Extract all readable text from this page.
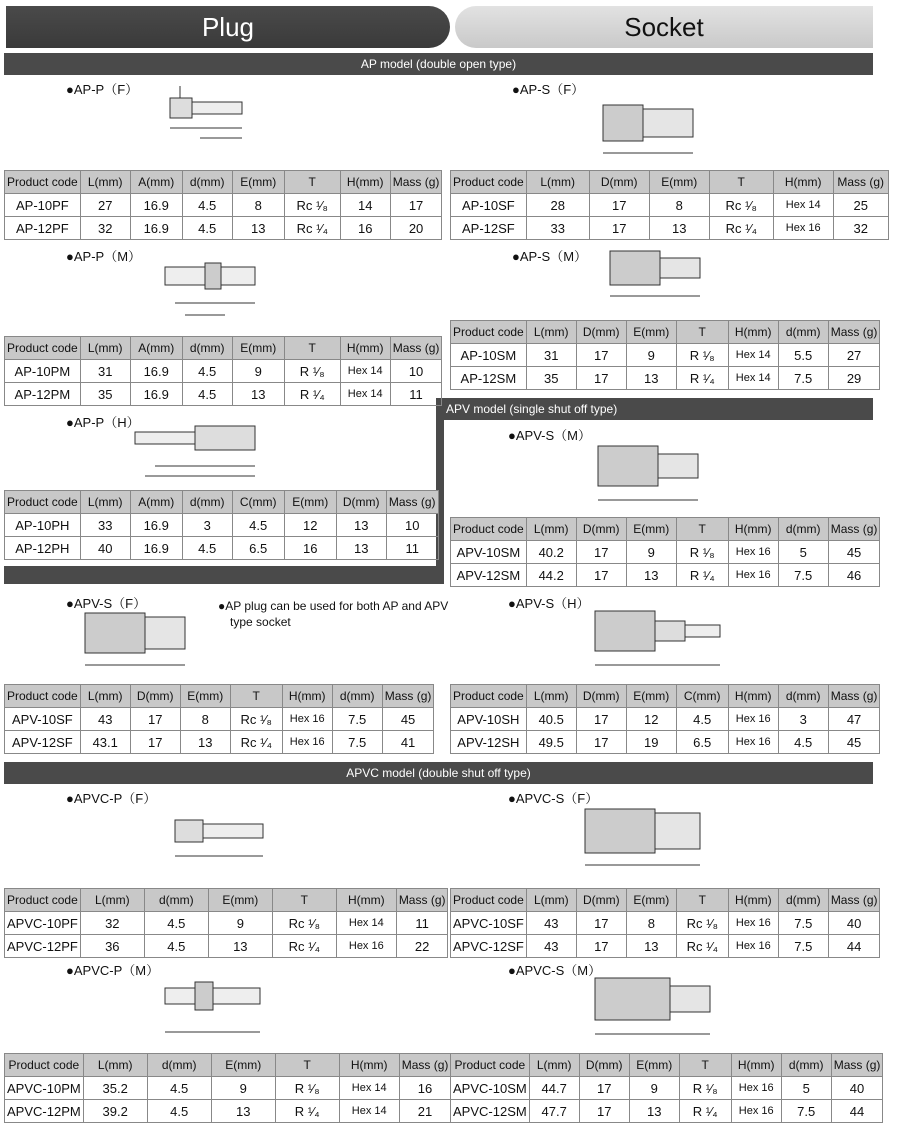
Plug	Socket
AP model (double open type)
APV model (single shut off type)
APVC model (double shut off type)
●AP-P（F）	●AP-S（F）
●AP-P（M）	●AP-S（M）
●AP-P（H）
●APV-S（M）
●APV-S（F）	●APV-S（H）
●APVC-P（F）	●APVC-S（F）
●APVC-P（M）	●APVC-S（M）
●AP plug can be used for both AP and APV
type socket
Product code	L(mm)	A(mm)	d(mm)	E(mm)	T	H(mm)	Mass (g)
AP-10PF	27	16.9	4.5	8	Rc ¹⁄₈	14	17
AP-12PF	32	16.9	4.5	13	Rc ¹⁄₄	16	20
Product code	L(mm)	D(mm)	E(mm)	T	H(mm)	Mass (g)
AP-10SF	28	17	8	Rc ¹⁄₈	Hex 14	25
AP-12SF	33	17	13	Rc ¹⁄₄	Hex 16	32
Product code	L(mm)	A(mm)	d(mm)	E(mm)	T	H(mm)	Mass (g)
AP-10PM	31	16.9	4.5	9	R ¹⁄₈	Hex 14	10
AP-12PM	35	16.9	4.5	13	R ¹⁄₄	Hex 14	11
Product code	L(mm)	D(mm)	E(mm)	T	H(mm)	d(mm)	Mass (g)
AP-10SM	31	17	9	R ¹⁄₈	Hex 14	5.5	27
AP-12SM	35	17	13	R ¹⁄₄	Hex 14	7.5	29
Product code	L(mm)	A(mm)	d(mm)	C(mm)	E(mm)	D(mm)	Mass (g)
AP-10PH	33	16.9	3	4.5	12	13	10
AP-12PH	40	16.9	4.5	6.5	16	13	11
Product code	L(mm)	D(mm)	E(mm)	T	H(mm)	d(mm)	Mass (g)
APV-10SM	40.2	17	9	R ¹⁄₈	Hex 16	5	45
APV-12SM	44.2	17	13	R ¹⁄₄	Hex 16	7.5	46
Product code	L(mm)	D(mm)	E(mm)	T	H(mm)	d(mm)	Mass (g)
APV-10SF	43	17	8	Rc ¹⁄₈	Hex 16	7.5	45
APV-12SF	43.1	17	13	Rc ¹⁄₄	Hex 16	7.5	41
Product code	L(mm)	D(mm)	E(mm)	C(mm)	H(mm)	d(mm)	Mass (g)
APV-10SH	40.5	17	12	4.5	Hex 16	3	47
APV-12SH	49.5	17	19	6.5	Hex 16	4.5	45
Product code	L(mm)	d(mm)	E(mm)	T	H(mm)	Mass (g)
APVC-10PF	32	4.5	9	Rc ¹⁄₈	Hex 14	11
APVC-12PF	36	4.5	13	Rc ¹⁄₄	Hex 16	22
Product code	L(mm)	D(mm)	E(mm)	T	H(mm)	d(mm)	Mass (g)
APVC-10SF	43	17	8	Rc ¹⁄₈	Hex 16	7.5	40
APVC-12SF	43	17	13	Rc ¹⁄₄	Hex 16	7.5	44
Product code	L(mm)	d(mm)	E(mm)	T	H(mm)	Mass (g)
APVC-10PM	35.2	4.5	9	R ¹⁄₈	Hex 14	16
APVC-12PM	39.2	4.5	13	R ¹⁄₄	Hex 14	21
Product code	L(mm)	D(mm)	E(mm)	T	H(mm)	d(mm)	Mass (g)
APVC-10SM	44.7	17	9	R ¹⁄₈	Hex 16	5	40
APVC-12SM	47.7	17	13	R ¹⁄₄	Hex 16	7.5	44
